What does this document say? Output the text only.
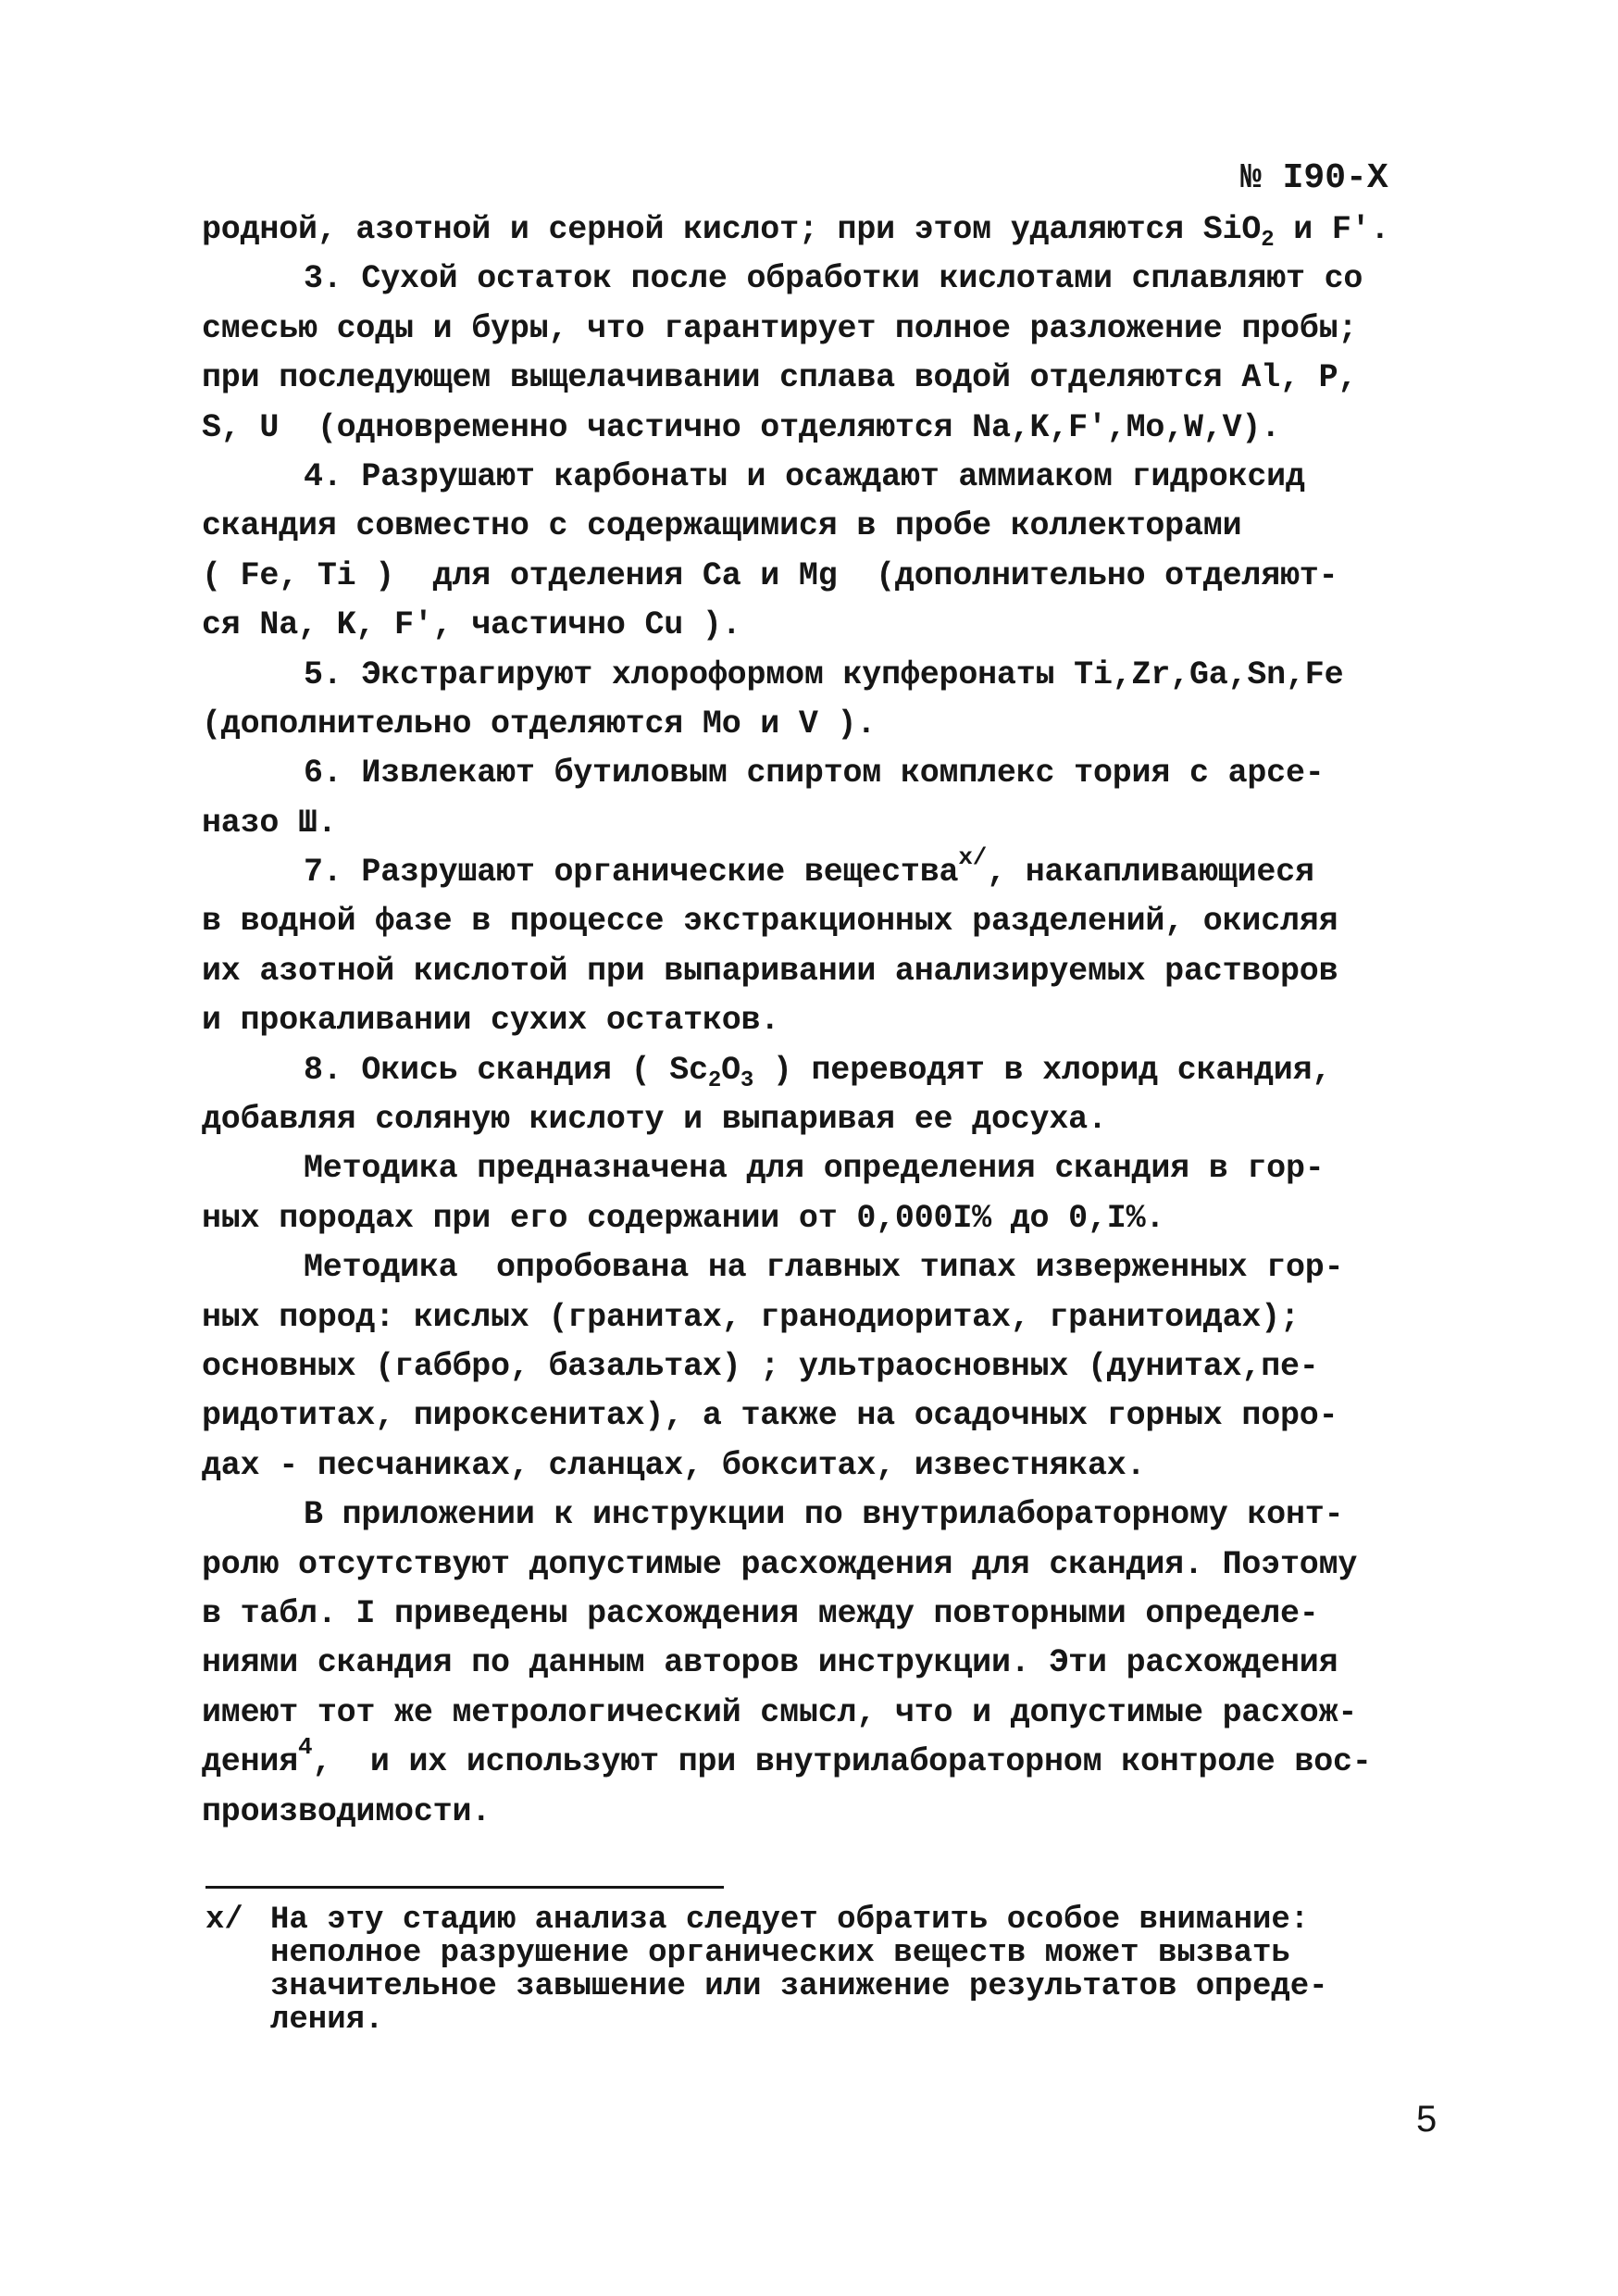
№ I90-Х
родной, азотной и серной кислот; при этом удаляются SiO$_2$ и F'.
3. Сухой остаток после обработки кислотами сплавляют со
смесью соды и буры, что гарантирует полное разложение пробы;
при последующем выщелачивании сплава водой отделяются Al, P,
S, U  (одновременно частично отделяются Na,K,F',Mo,W,V).
4. Разрушают карбонаты и осаждают аммиаком гидроксид
скандия совместно с содержащимися в пробе коллекторами
( Fe, Ti )  для отделения Ca и Mg  (дополнительно отделяют-
ся Na, K, F', частично Cu ).
5. Экстрагируют хлороформом купферонаты Ti,Zr,Ga,Sn,Fe
(дополнительно отделяются Mo и V ).
6. Извлекают бутиловым спиртом комплекс тория с арсе-
назо Ш.
7. Разрушают органические вещества$^{х/}$, накапливающиеся
в водной фазе в процессе экстракционных разделений, окисляя
их азотной кислотой при выпаривании анализируемых растворов
и прокаливании сухих остатков.
8. Окись скандия ( $Sc_2O_3$ ) переводят в хлорид скандия,
добавляя соляную кислоту и выпаривая ее досуха.
Методика предназначена для определения скандия в гор-
ных породах при его содержании от 0,000I% до 0,I%.
Методика  опробована на главных типах изверженных гор-
ных пород: кислых (гранитах, гранодиоритах, гранитоидах);
основных (габбро, базальтах) ; ультраосновных (дунитах,пе-
ридотитах, пироксенитах), а также на осадочных горных поро-
дах - песчаниках, сланцах, бокситах, известняках.
В приложении к инструкции по внутрилабораторному конт-
ролю отсутствуют допустимые расхождения для скандия. Поэтому
в табл. I приведены расхождения между повторными определе-
ниями скандия по данным авторов инструкции. Эти расхождения
имеют тот же метрологический смысл, что и допустимые расхож-
дения$^4$,  и их используют при внутрилабораторном контроле вос-
производимости.
х/ На эту стадию анализа следует обратить особое внимание:
неполное разрушение органических веществ может вызвать
значительное завышение или занижение результатов опреде-
ления.
5
